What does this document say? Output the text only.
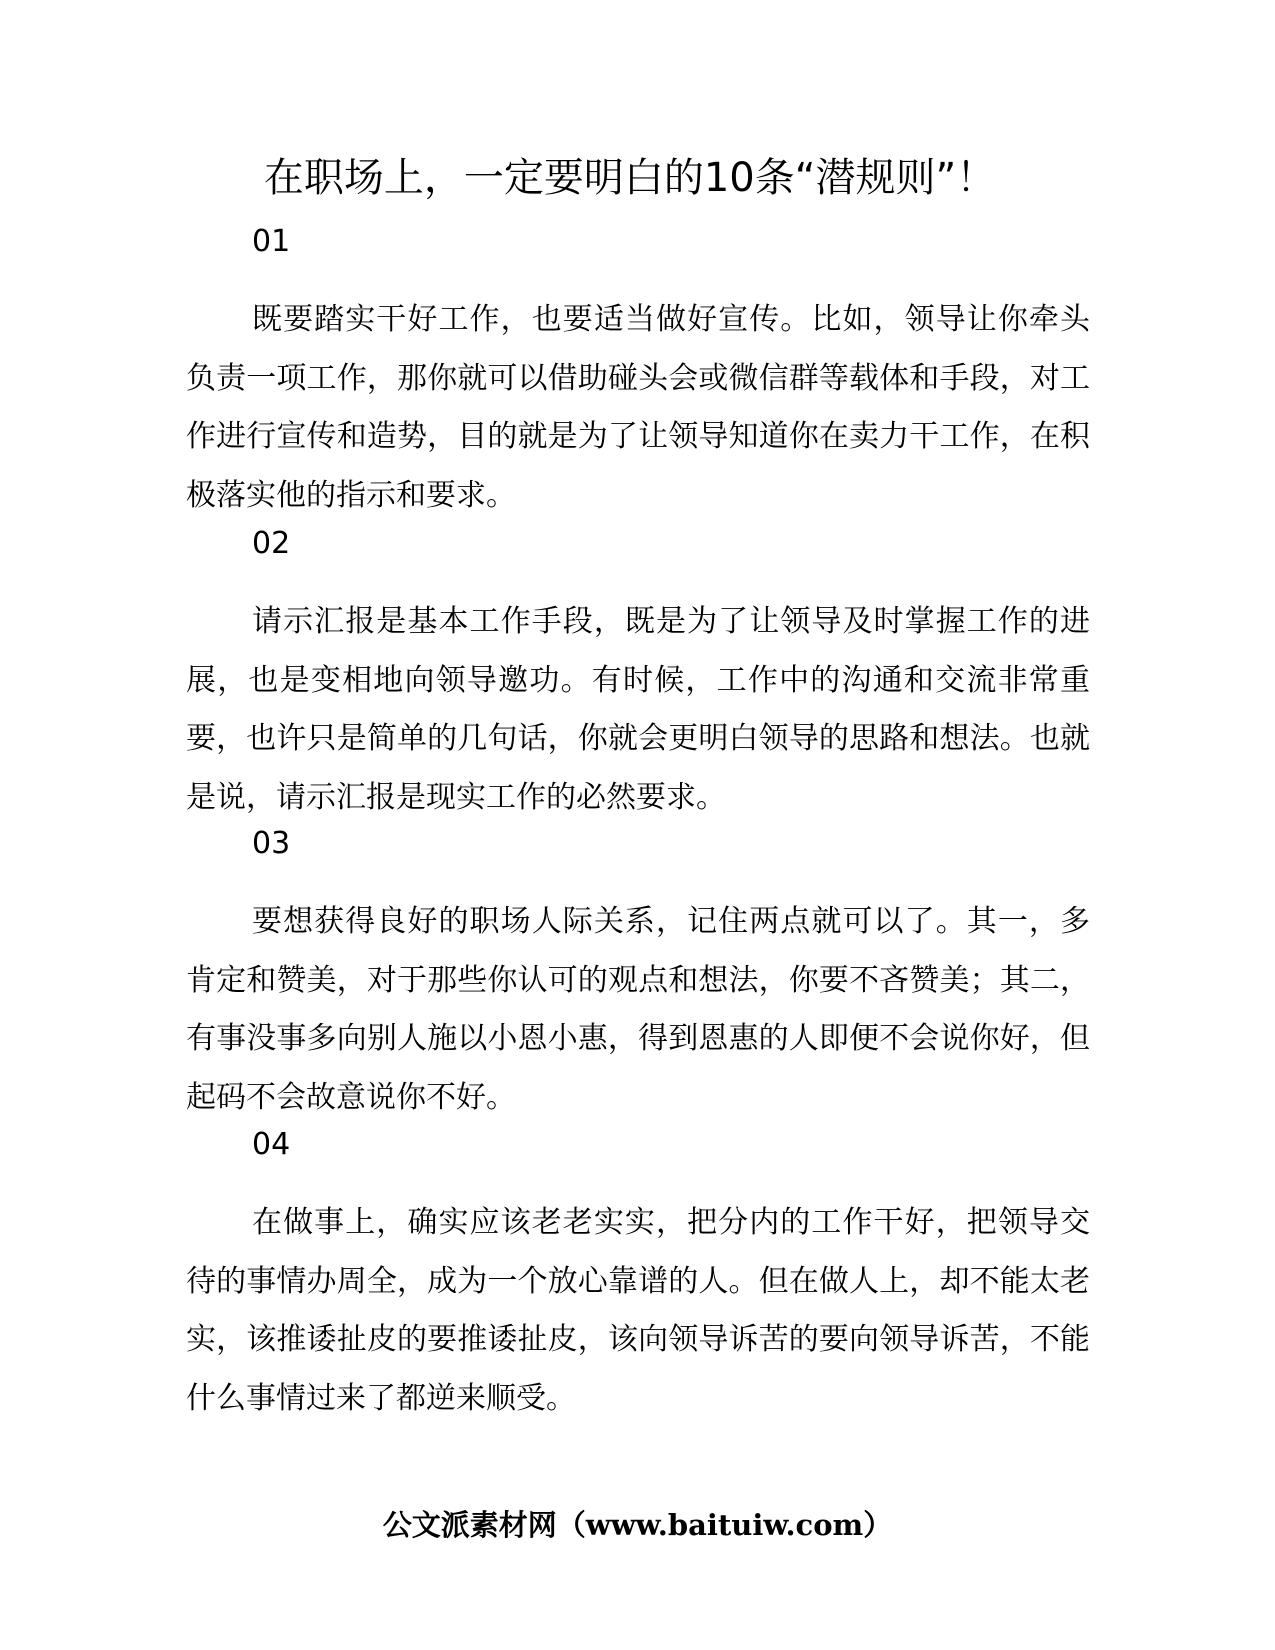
在职场上，一定要明白的10条“潜规则”！
01
既要踏实干好工作，也要适当做好宣传。比如，领导让你牵头负责一项工作，那你就可以借助碰头会或微信群等载体和手段，对工作进行宣传和造势，目的就是为了让领导知道你在卖力干工作，在积极落实他的指示和要求。
02
请示汇报是基本工作手段，既是为了让领导及时掌握工作的进展，也是变相地向领导邀功。有时候，工作中的沟通和交流非常重要，也许只是简单的几句话，你就会更明白领导的思路和想法。也就是说，请示汇报是现实工作的必然要求。
03
要想获得良好的职场人际关系，记住两点就可以了。其一，多肯定和赞美，对于那些你认可的观点和想法，你要不吝赞美；其二，有事没事多向别人施以小恩小惠，得到恩惠的人即便不会说你好，但起码不会故意说你不好。
04
在做事上，确实应该老老实实，把分内的工作干好，把领导交待的事情办周全，成为一个放心靠谱的人。但在做人上，却不能太老实，该推诿扯皮的要推诿扯皮，该向领导诉苦的要向领导诉苦，不能什么事情过来了都逆来顺受。
公文派素材网（www.baituiw.com）
